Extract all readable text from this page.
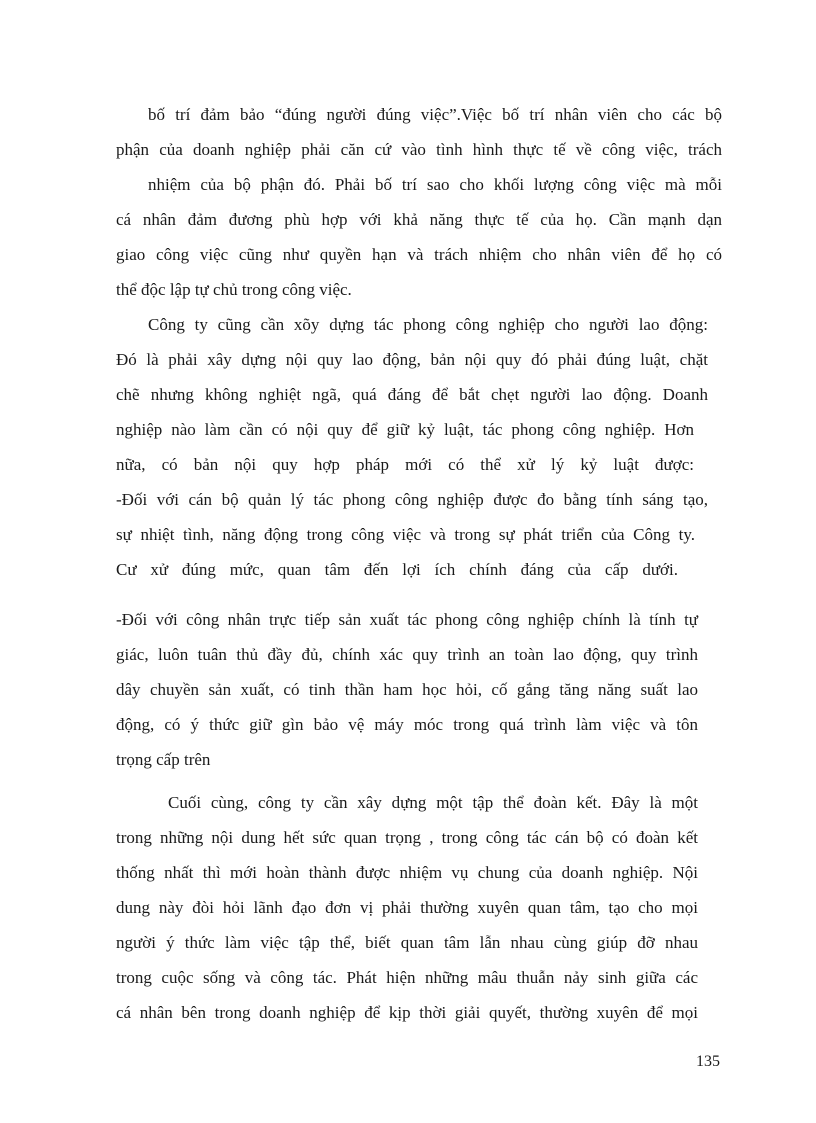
bố trí đảm bảo “đúng người đúng việc”.Việc bố trí nhân viên cho các bộ
phận của doanh nghiệp phải căn cứ vào tình hình thực tế về công việc, trách
nhiệm của bộ phận đó. Phải bố trí sao cho khối lượng công việc mà mỗi
cá nhân đảm đương phù hợp với khả năng thực tế của họ. Cần mạnh dạn
giao công việc cũng như quyền hạn và trách nhiệm cho nhân viên để họ có
thể độc lập tự chủ trong công việc.
Công ty cũng cần xõy dựng tác phong công nghiệp cho người lao động:
Đó là phải xây dựng nội quy lao động, bản nội quy đó phải đúng luật, chặt
chẽ nhưng không nghiệt ngã, quá đáng để bắt chẹt người lao động. Doanh
nghiệp nào làm cần có nội quy để giữ kỷ luật, tác phong công nghiệp. Hơn
nữa, có bản nội quy hợp pháp mới có thể xử lý kỷ luật được:
-Đối với cán bộ quản lý tác phong công nghiệp được đo bằng tính sáng tạo,
sự nhiệt tình, năng động trong công việc và trong sự phát triển của Công ty.
Cư xử đúng mức, quan tâm đến lợi ích chính đáng của cấp dưới.
-Đối với công nhân trực tiếp sản xuất tác phong công nghiệp chính là tính tự
giác, luôn tuân thủ đầy đủ, chính xác quy trình an toàn lao động, quy trình
dây chuyền sản xuất, có tinh thần ham học hỏi, cố gắng tăng năng suất lao
động, có ý thức giữ gìn bảo vệ máy móc trong quá trình làm việc và tôn
trọng cấp trên
Cuối cùng, công ty cần xây dựng một tập thể đoàn kết. Đây là một
trong những nội dung hết sức quan trọng , trong công tác cán bộ có đoàn kết
thống nhất thì mới hoàn thành được nhiệm vụ chung của doanh nghiệp. Nội
dung này đòi hỏi lãnh đạo đơn vị phải thường xuyên quan tâm, tạo cho mọi
người ý thức làm việc tập thể, biết quan tâm lẫn nhau cùng giúp đỡ nhau
trong cuộc sống và công tác. Phát hiện những mâu thuẫn nảy sinh giữa các
cá nhân bên trong doanh nghiệp để kịp thời giải quyết, thường xuyên để mọi
135
